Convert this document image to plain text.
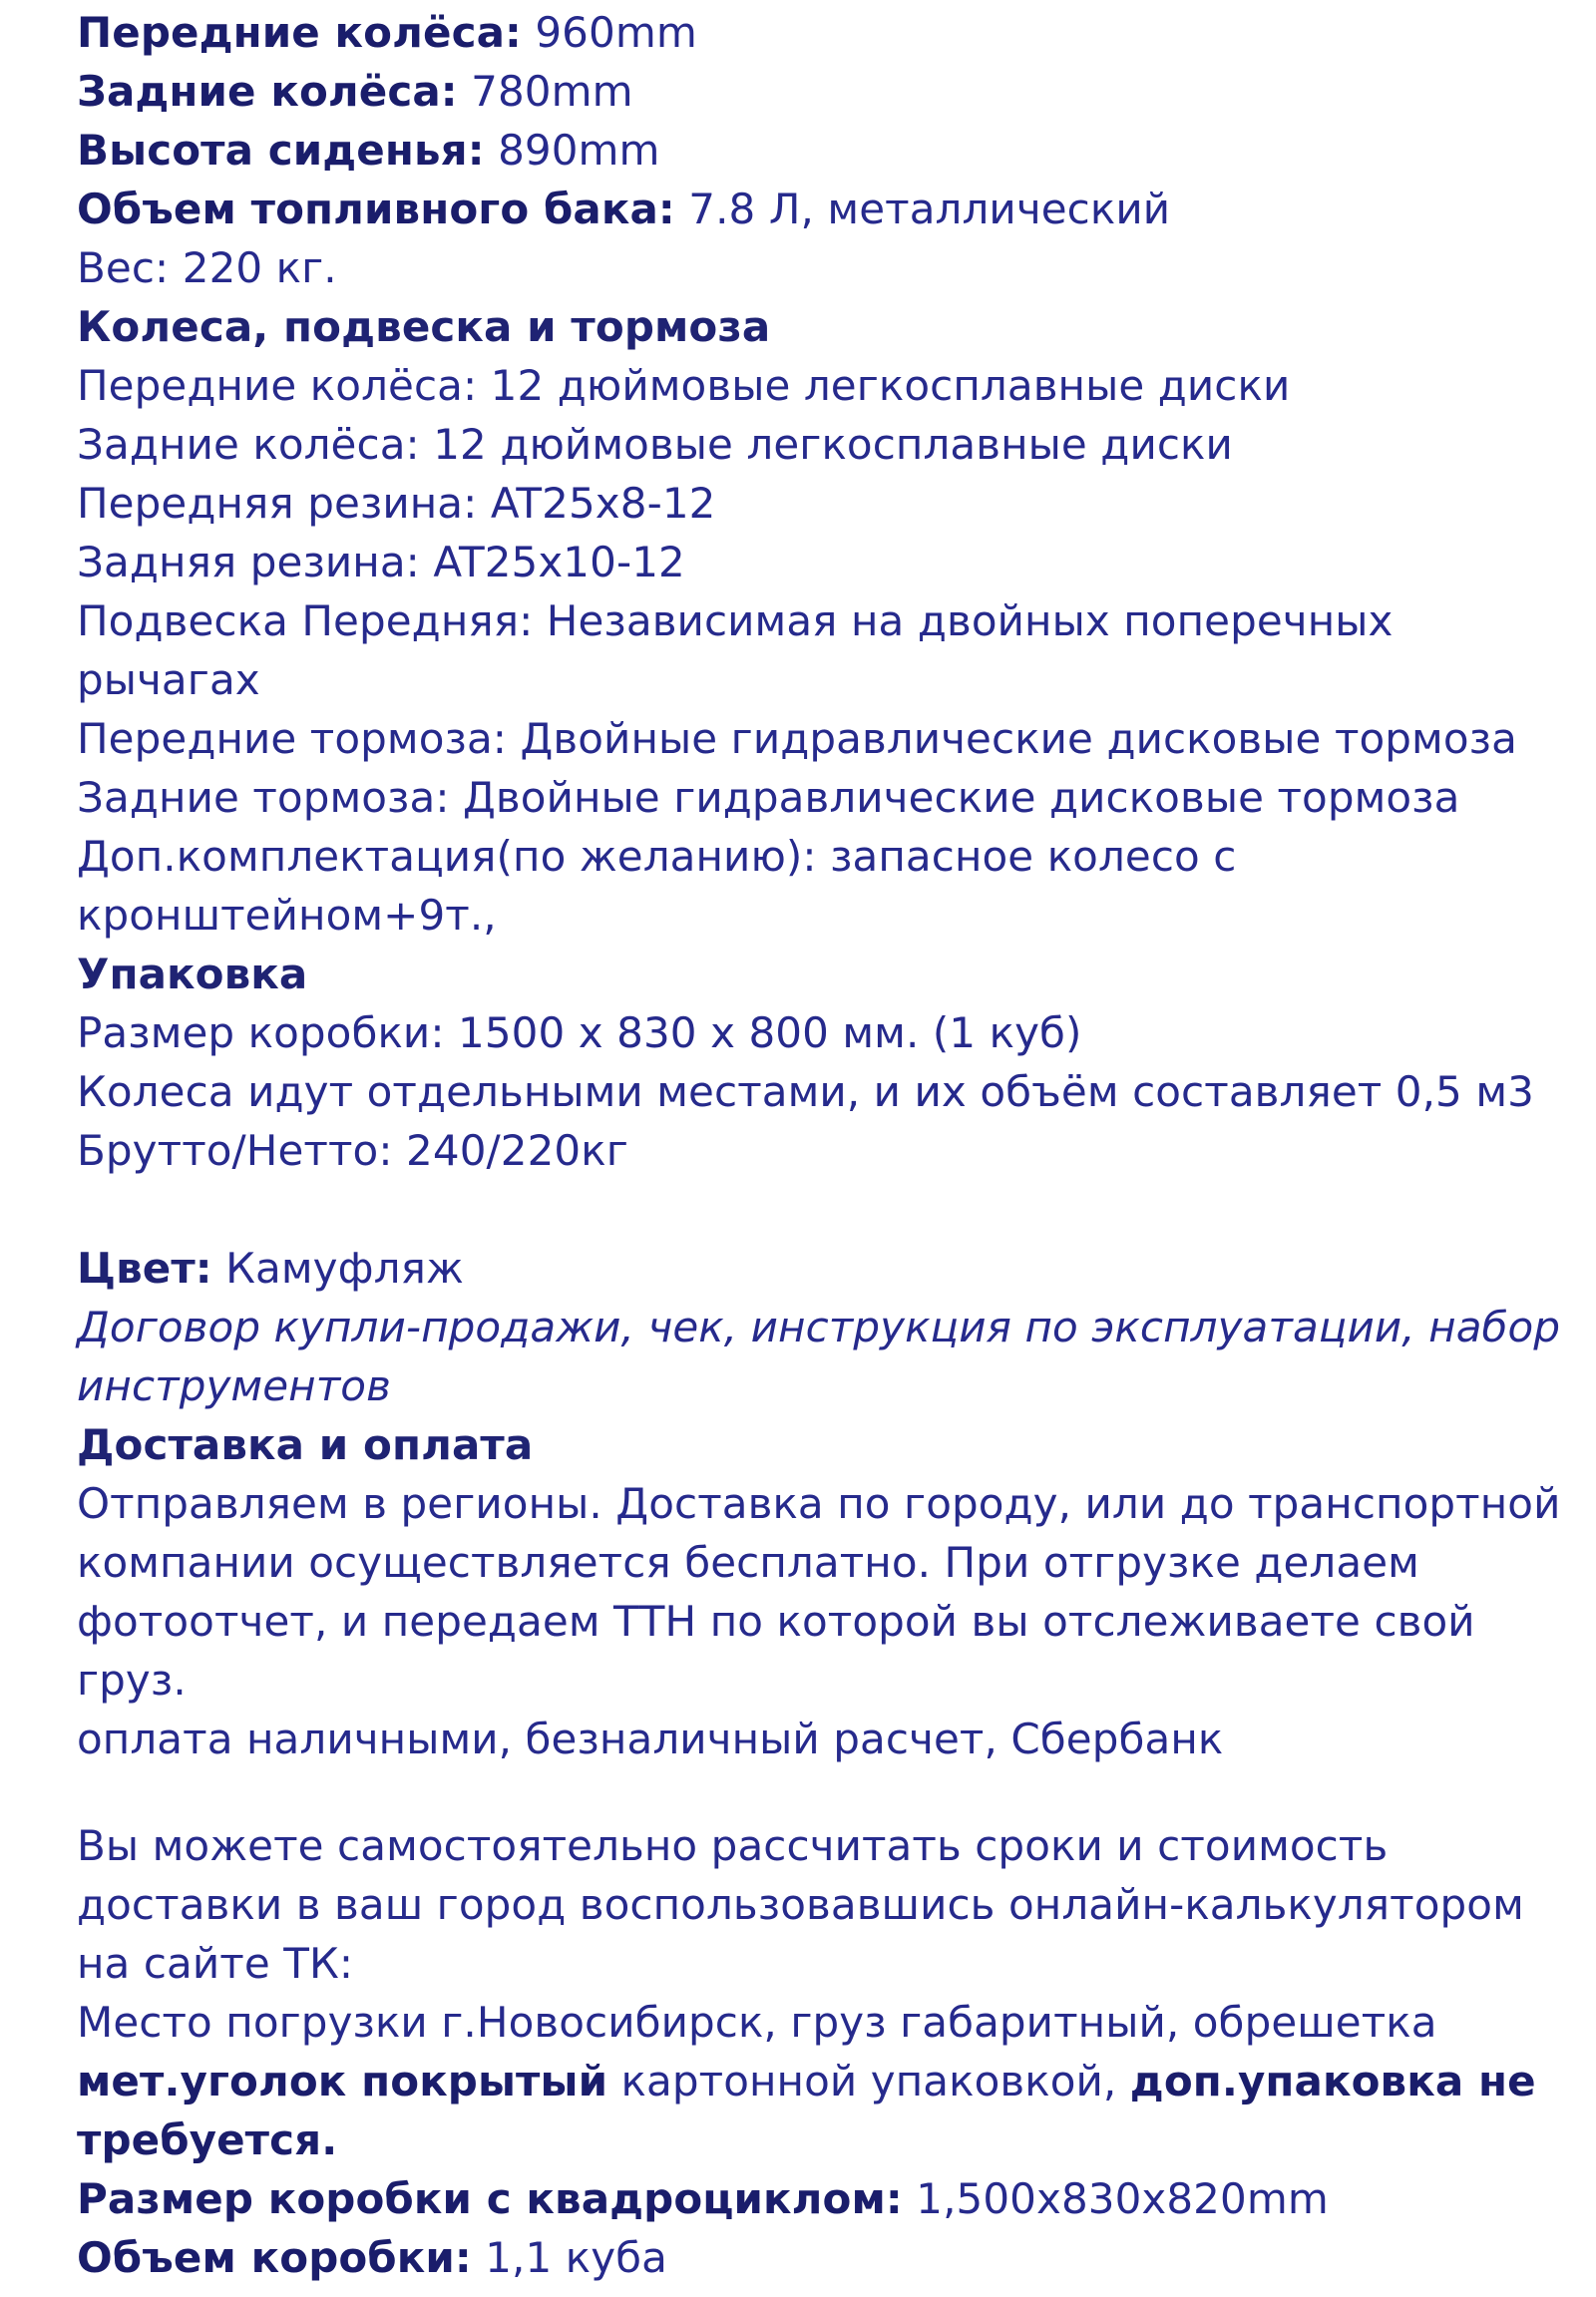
Передние колёса: 960mm
Задние колёса: 780mm
Высота сиденья: 890mm
Объем топливного бака: 7.8 Л, металлический
Вес: 220 кг.
Колеса, подвеска и тормоза
Передние колёса: 12 дюймовые легкосплавные диски
Задние колёса: 12 дюймовые легкосплавные диски
Передняя резина: AT25x8-12
Задняя резина: AT25x10-12
Подвеска Передняя: Независимая на двойных поперечных
рычагах
Передние тормоза: Двойные гидравлические дисковые тормоза
Задние тормоза: Двойные гидравлические дисковые тормоза
Доп.комплектация(по желанию): запасное колесо с
кронштейном+9т.,
Упаковка
Размер коробки: 1500 x 830 x 800 мм. (1 куб)
Колеса идут отдельными местами, и их объём составляет 0,5 м3
Брутто/Нетто: 240/220кг
Цвет: Камуфляж
Договор купли-продажи, чек, инструкция по эксплуатации, набор
инструментов
Доставка и оплата
Отправляем в регионы. Доставка по городу, или до транспортной
компании осуществляется бесплатно. При отгрузке делаем
фотоотчет, и передаем ТТН по которой вы отслеживаете свой
груз.
оплата наличными, безналичный расчет, Сбербанк
Вы можете самостоятельно рассчитать сроки и стоимость
доставки в ваш город воспользовавшись онлайн-калькулятором
на сайте ТК:
Место погрузки г.Новосибирск, груз габаритный, обрешетка
мет.уголок покрытый картонной упаковкой, доп.упаковка не
требуется.
Размер коробки с квадроциклом: 1,500x830x820mm
Объем коробки: 1,1 куба
